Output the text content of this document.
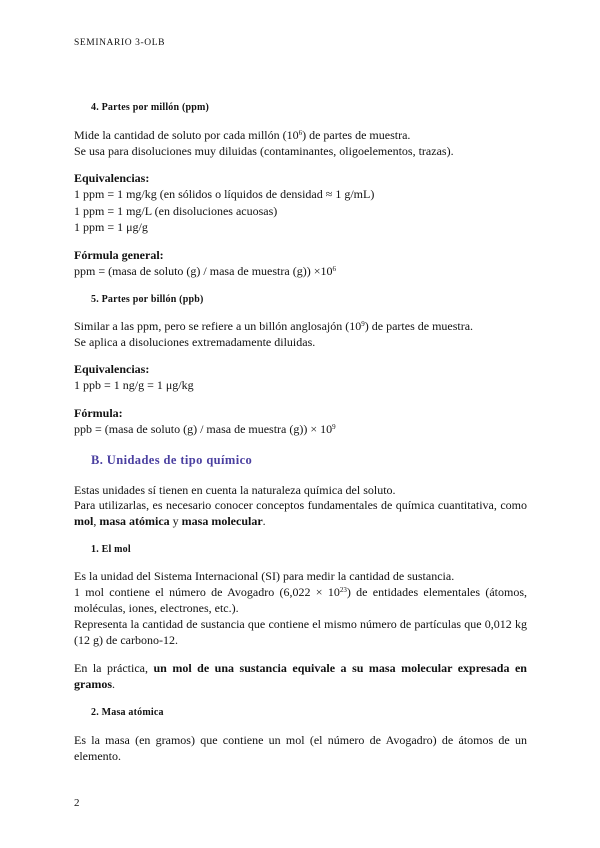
SEMINARIO 3-OLB
4. Partes por millón (ppm)
Mide la cantidad de soluto por cada millón $(10^6)$ de partes de muestra.
Se usa para disoluciones muy diluidas (contaminantes, oligoelementos, trazas).
Equivalencias:
1 ppm = 1 mg/kg (en sólidos o líquidos de densidad ≈ 1 g/mL)
1 ppm = 1 mg/L (en disoluciones acuosas)
1 ppm = 1 μg/g
Fórmula general:
ppm = (masa de soluto (g) / masa de muestra $(g)) \times 10^6$
5. Partes por billón (ppb)
Similar a las ppm, pero se refiere a un billón anglosajón $(10^9)$ de partes de muestra.
Se aplica a disoluciones extremadamente diluidas.
Equivalencias:
1 ppb = 1 ng/g = 1 μg/kg
Fórmula:
ppb = (masa de soluto (g) / masa de muestra $(g)) \times 10^9$
B. Unidades de tipo químico
Estas unidades sí tienen en cuenta la naturaleza química del soluto.
Para utilizarlas, es necesario conocer conceptos fundamentales de química cuantitativa, como mol, masa atómica y masa molecular.
1. El mol
Es la unidad del Sistema Internacional (SI) para medir la cantidad de sustancia.
1 mol contiene el número de Avogadro $(6,022 \times 10^{23})$ de entidades elementales (átomos, moléculas, iones, electrones, etc.).
Representa la cantidad de sustancia que contiene el mismo número de partículas que 0,012 kg (12 g) de carbono-12.
En la práctica, un mol de una sustancia equivale a su masa molecular expresada en gramos.
2. Masa atómica
Es la masa (en gramos) que contiene un mol (el número de Avogadro) de átomos de un elemento.
2
